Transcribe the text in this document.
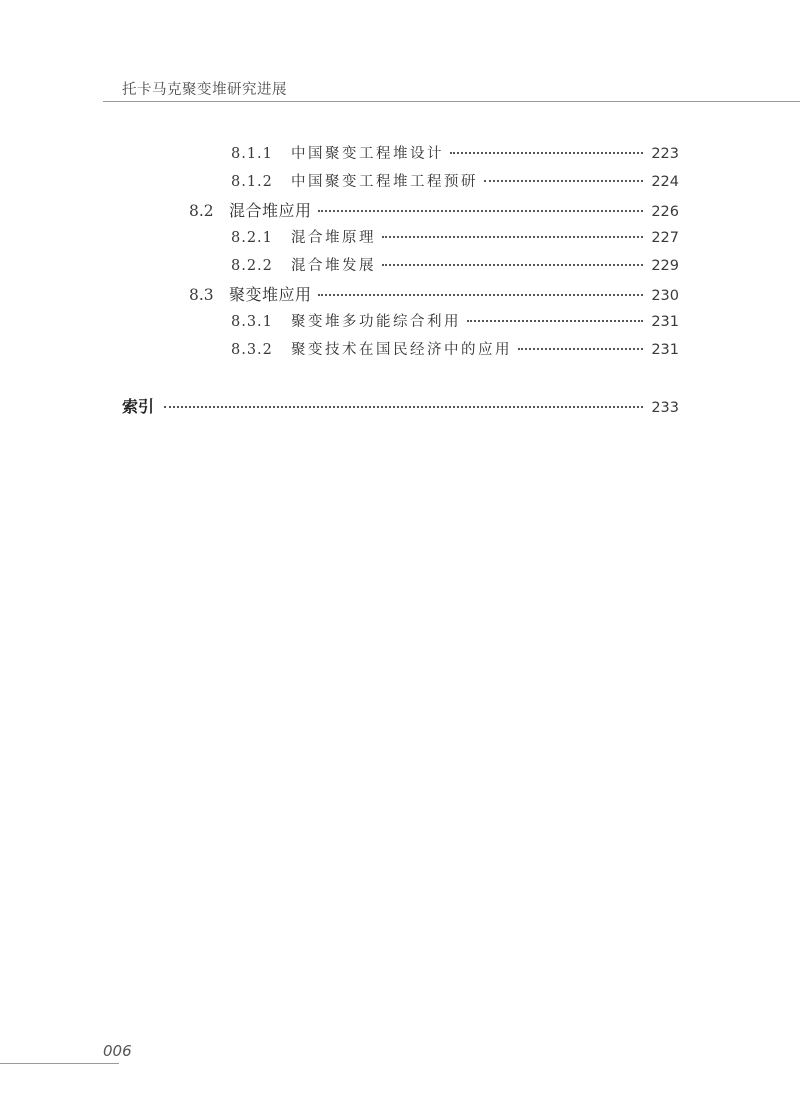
托卡马克聚变堆研究进展
8.1.1	中国聚变工程堆设计	223
8.1.2	中国聚变工程堆工程预研	224
8.2 混合堆应用	226
8.2.1	混合堆原理	227
8.2.2	混合堆发展	229
8.3 聚变堆应用	230
8.3.1	聚变堆多功能综合利用	231
8.3.2	聚变技术在国民经济中的应用	231
索引	233
006
